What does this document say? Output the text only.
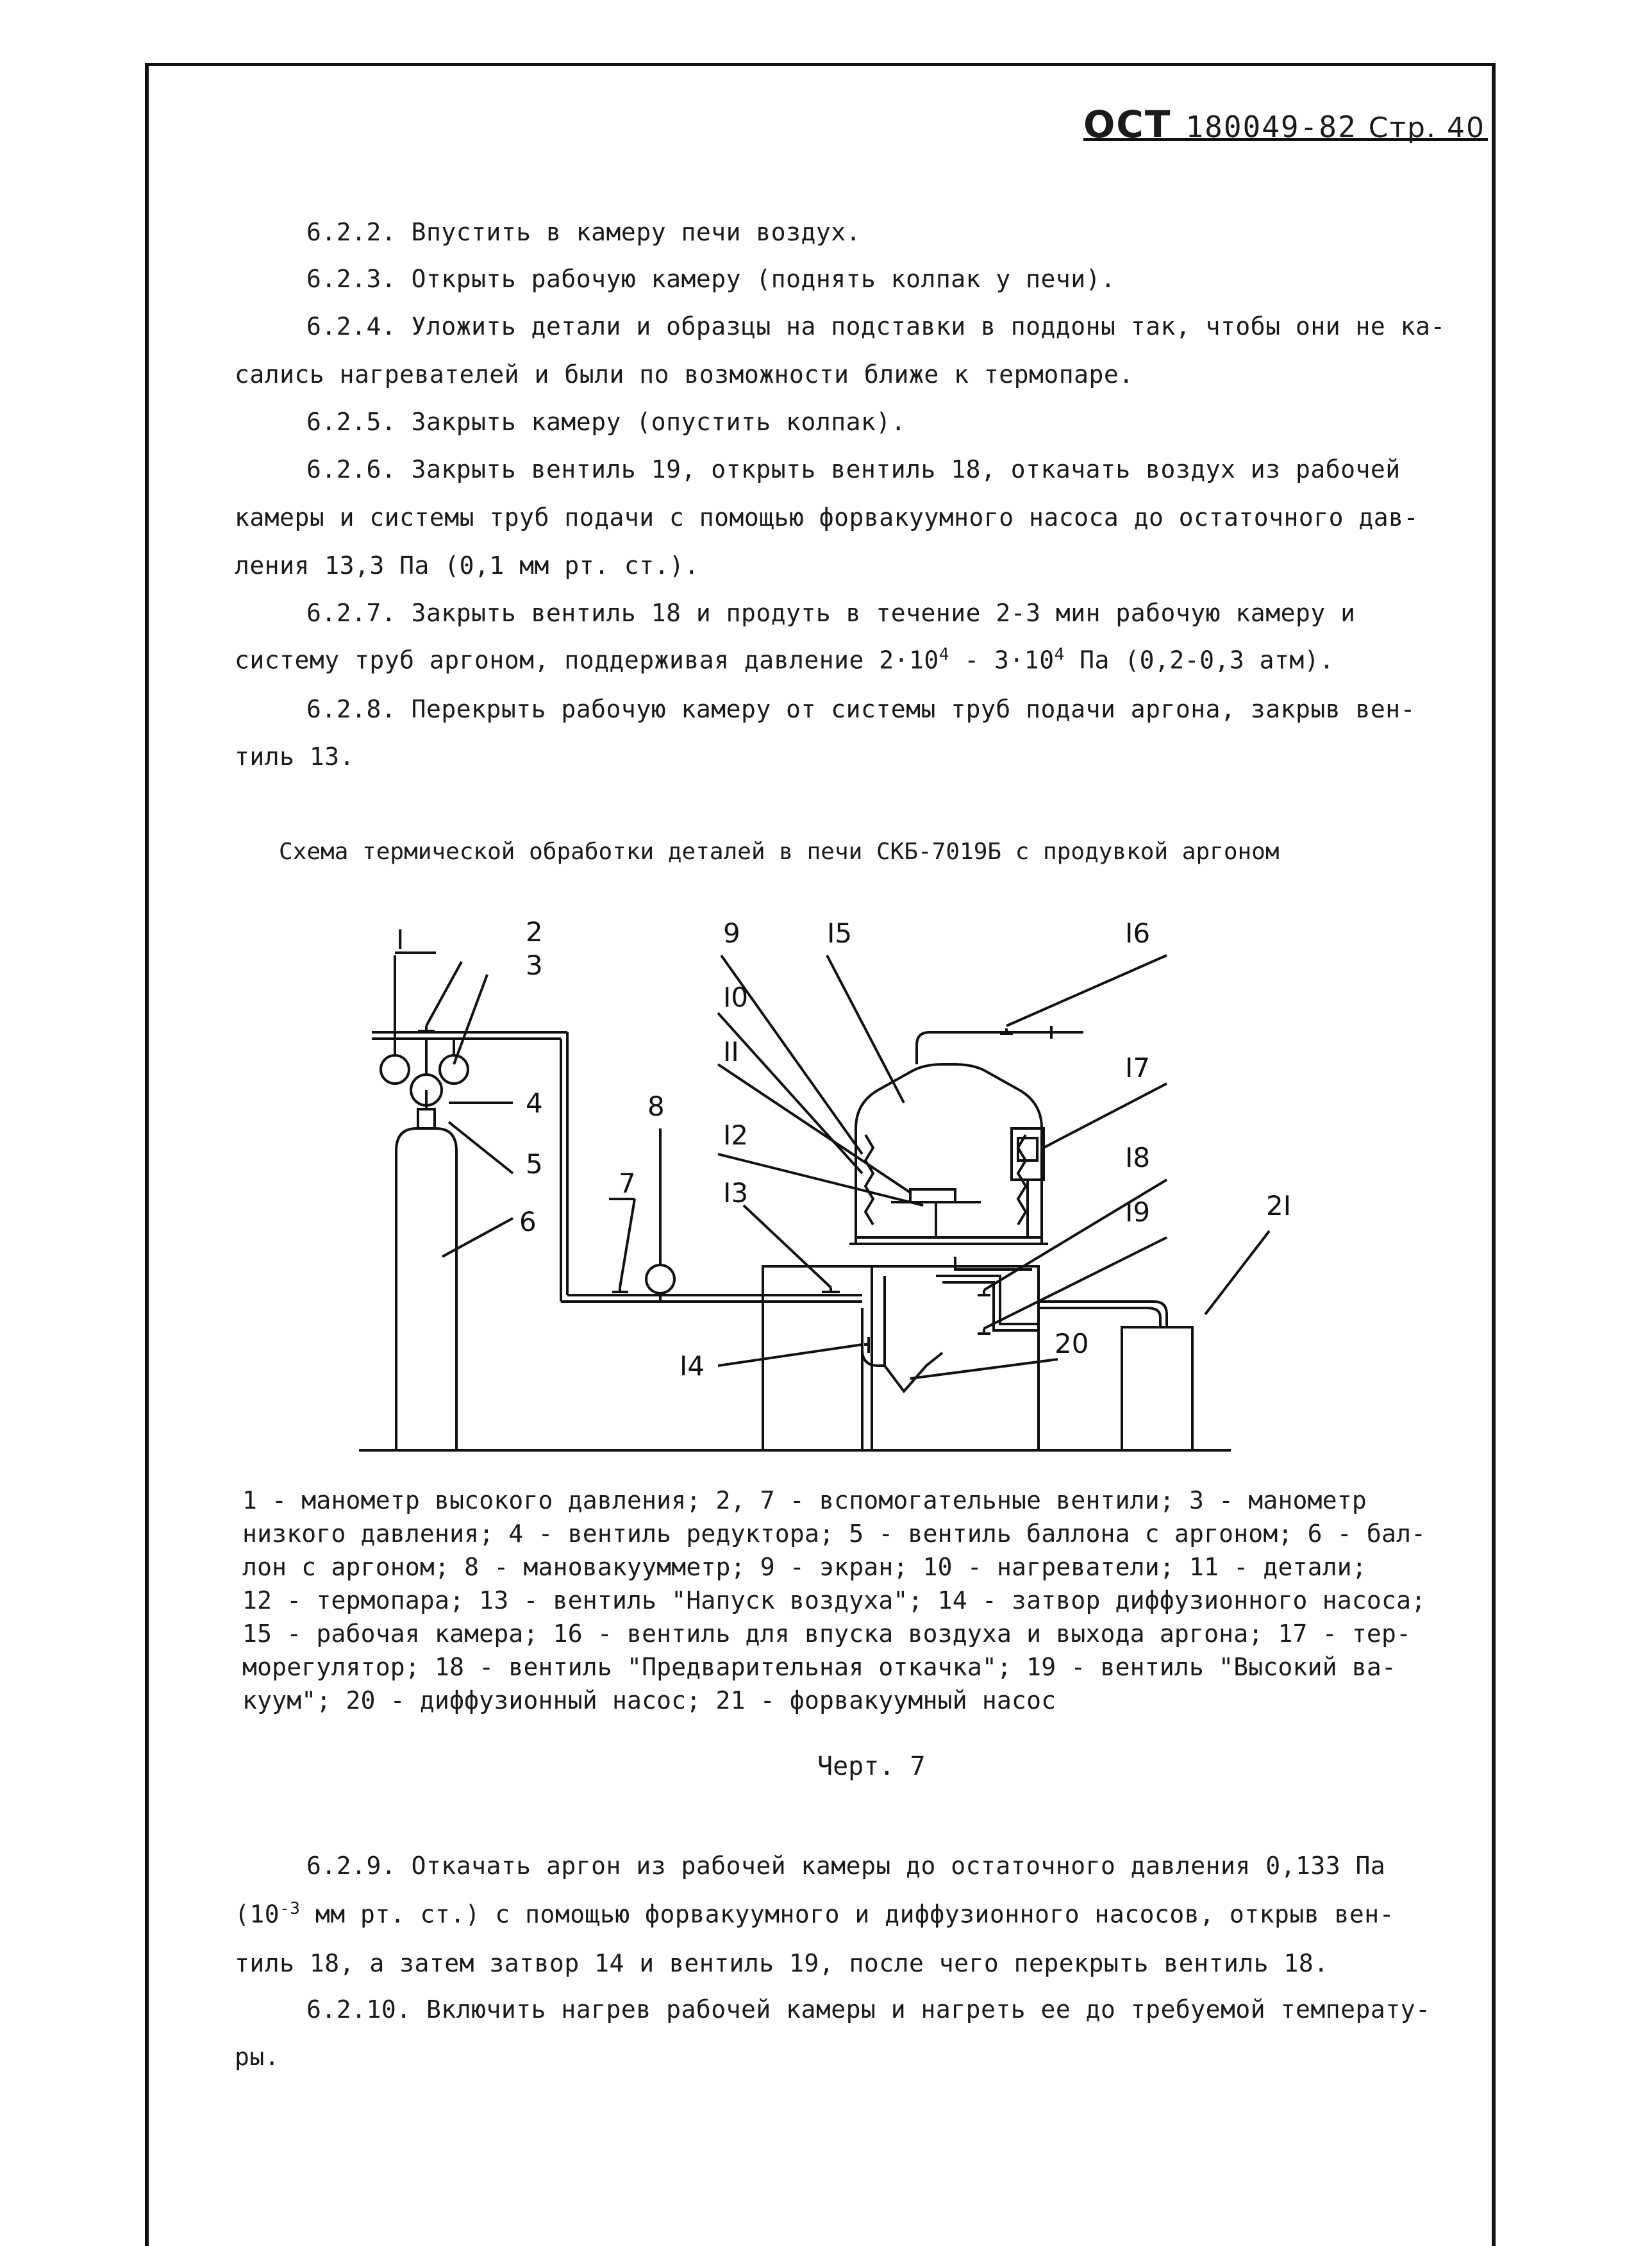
ОСТ 180049-82 Стр. 40
6.2.2. Впустить в камеру печи воздух.
6.2.3. Открыть рабочую камеру (поднять колпак у печи).
6.2.4. Уложить детали и образцы на подставки в поддоны так, чтобы они не ка-
сались нагревателей и были по возможности ближе к термопаре.
6.2.5. Закрыть камеру (опустить колпак).
6.2.6. Закрыть вентиль 19, открыть вентиль 18, откачать воздух из рабочей
камеры и системы труб подачи с помощью форвакуумного насоса до остаточного дав-
ления 13,3 Па (0,1 мм рт. ст.).
6.2.7. Закрыть вентиль 18 и продуть в течение 2-3 мин рабочую камеру и
систему труб аргоном, поддерживая давление $2\cdot 10^4 - 3\cdot 10^4$ Па (0,2-0,3 атм).
6.2.8. Перекрыть рабочую камеру от системы труб подачи аргона, закрыв вен-
тиль 13.
Схема термической обработки деталей в печи СКБ-7019Б с продувкой аргоном
I	2
3
4
5
6
7
8
9	I5
I0
II
I2
I3
I4
I6
I7
I8
I9
20
2I
1 - манометр высокого давления; 2, 7 - вспомогательные вентили; 3 - манометр
низкого давления; 4 - вентиль редуктора; 5 - вентиль баллона с аргоном; 6 - бал-
лон с аргоном; 8 - мановакуумметр; 9 - экран; 10 - нагреватели; 11 - детали;
12 - термопара; 13 - вентиль "Напуск воздуха"; 14 - затвор диффузионного насоса;
15 - рабочая камера; 16 - вентиль для впуска воздуха и выхода аргона; 17 - тер-
морегулятор; 18 - вентиль "Предварительная откачка"; 19 - вентиль "Высокий ва-
куум"; 20 - диффузионный насос; 21 - форвакуумный насос
Черт. 7
6.2.9. Откачать аргон из рабочей камеры до остаточного давления 0,133 Па
($10^{-3}$ мм рт. ст.) с помощью форвакуумного и диффузионного насосов, открыв вен-
тиль 18, а затем затвор 14 и вентиль 19, после чего перекрыть вентиль 18.
6.2.10. Включить нагрев рабочей камеры и нагреть ее до требуемой температу-
ры.
